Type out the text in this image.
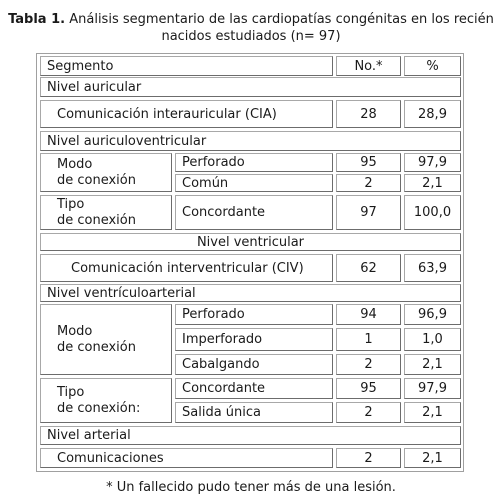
Tabla 1. Análisis segmentario de las cardiopatías congénitas en los recién
nacidos estudiados (n= 97)
Segmento	No.*	%
Nivel auricular
Comunicación interauricular (CIA)	28	28,9
Nivel auriculoventricular
Modo
de conexión
Perforado	95	97,9
Común	2	2,1
Tipo
de conexión	Concordante	97	100,0
Nivel ventricular
Comunicación interventricular (CIV)	62	63,9
Nivel ventrículoarterial
Modo
de conexión
Perforado	94	96,9
Imperforado	1	1,0
Cabalgando	2	2,1
Tipo
de conexión:
Concordante	95	97,9
Salida única	2	2,1
Nivel arterial
Comunicaciones	2	2,1
* Un fallecido pudo tener más de una lesión.
